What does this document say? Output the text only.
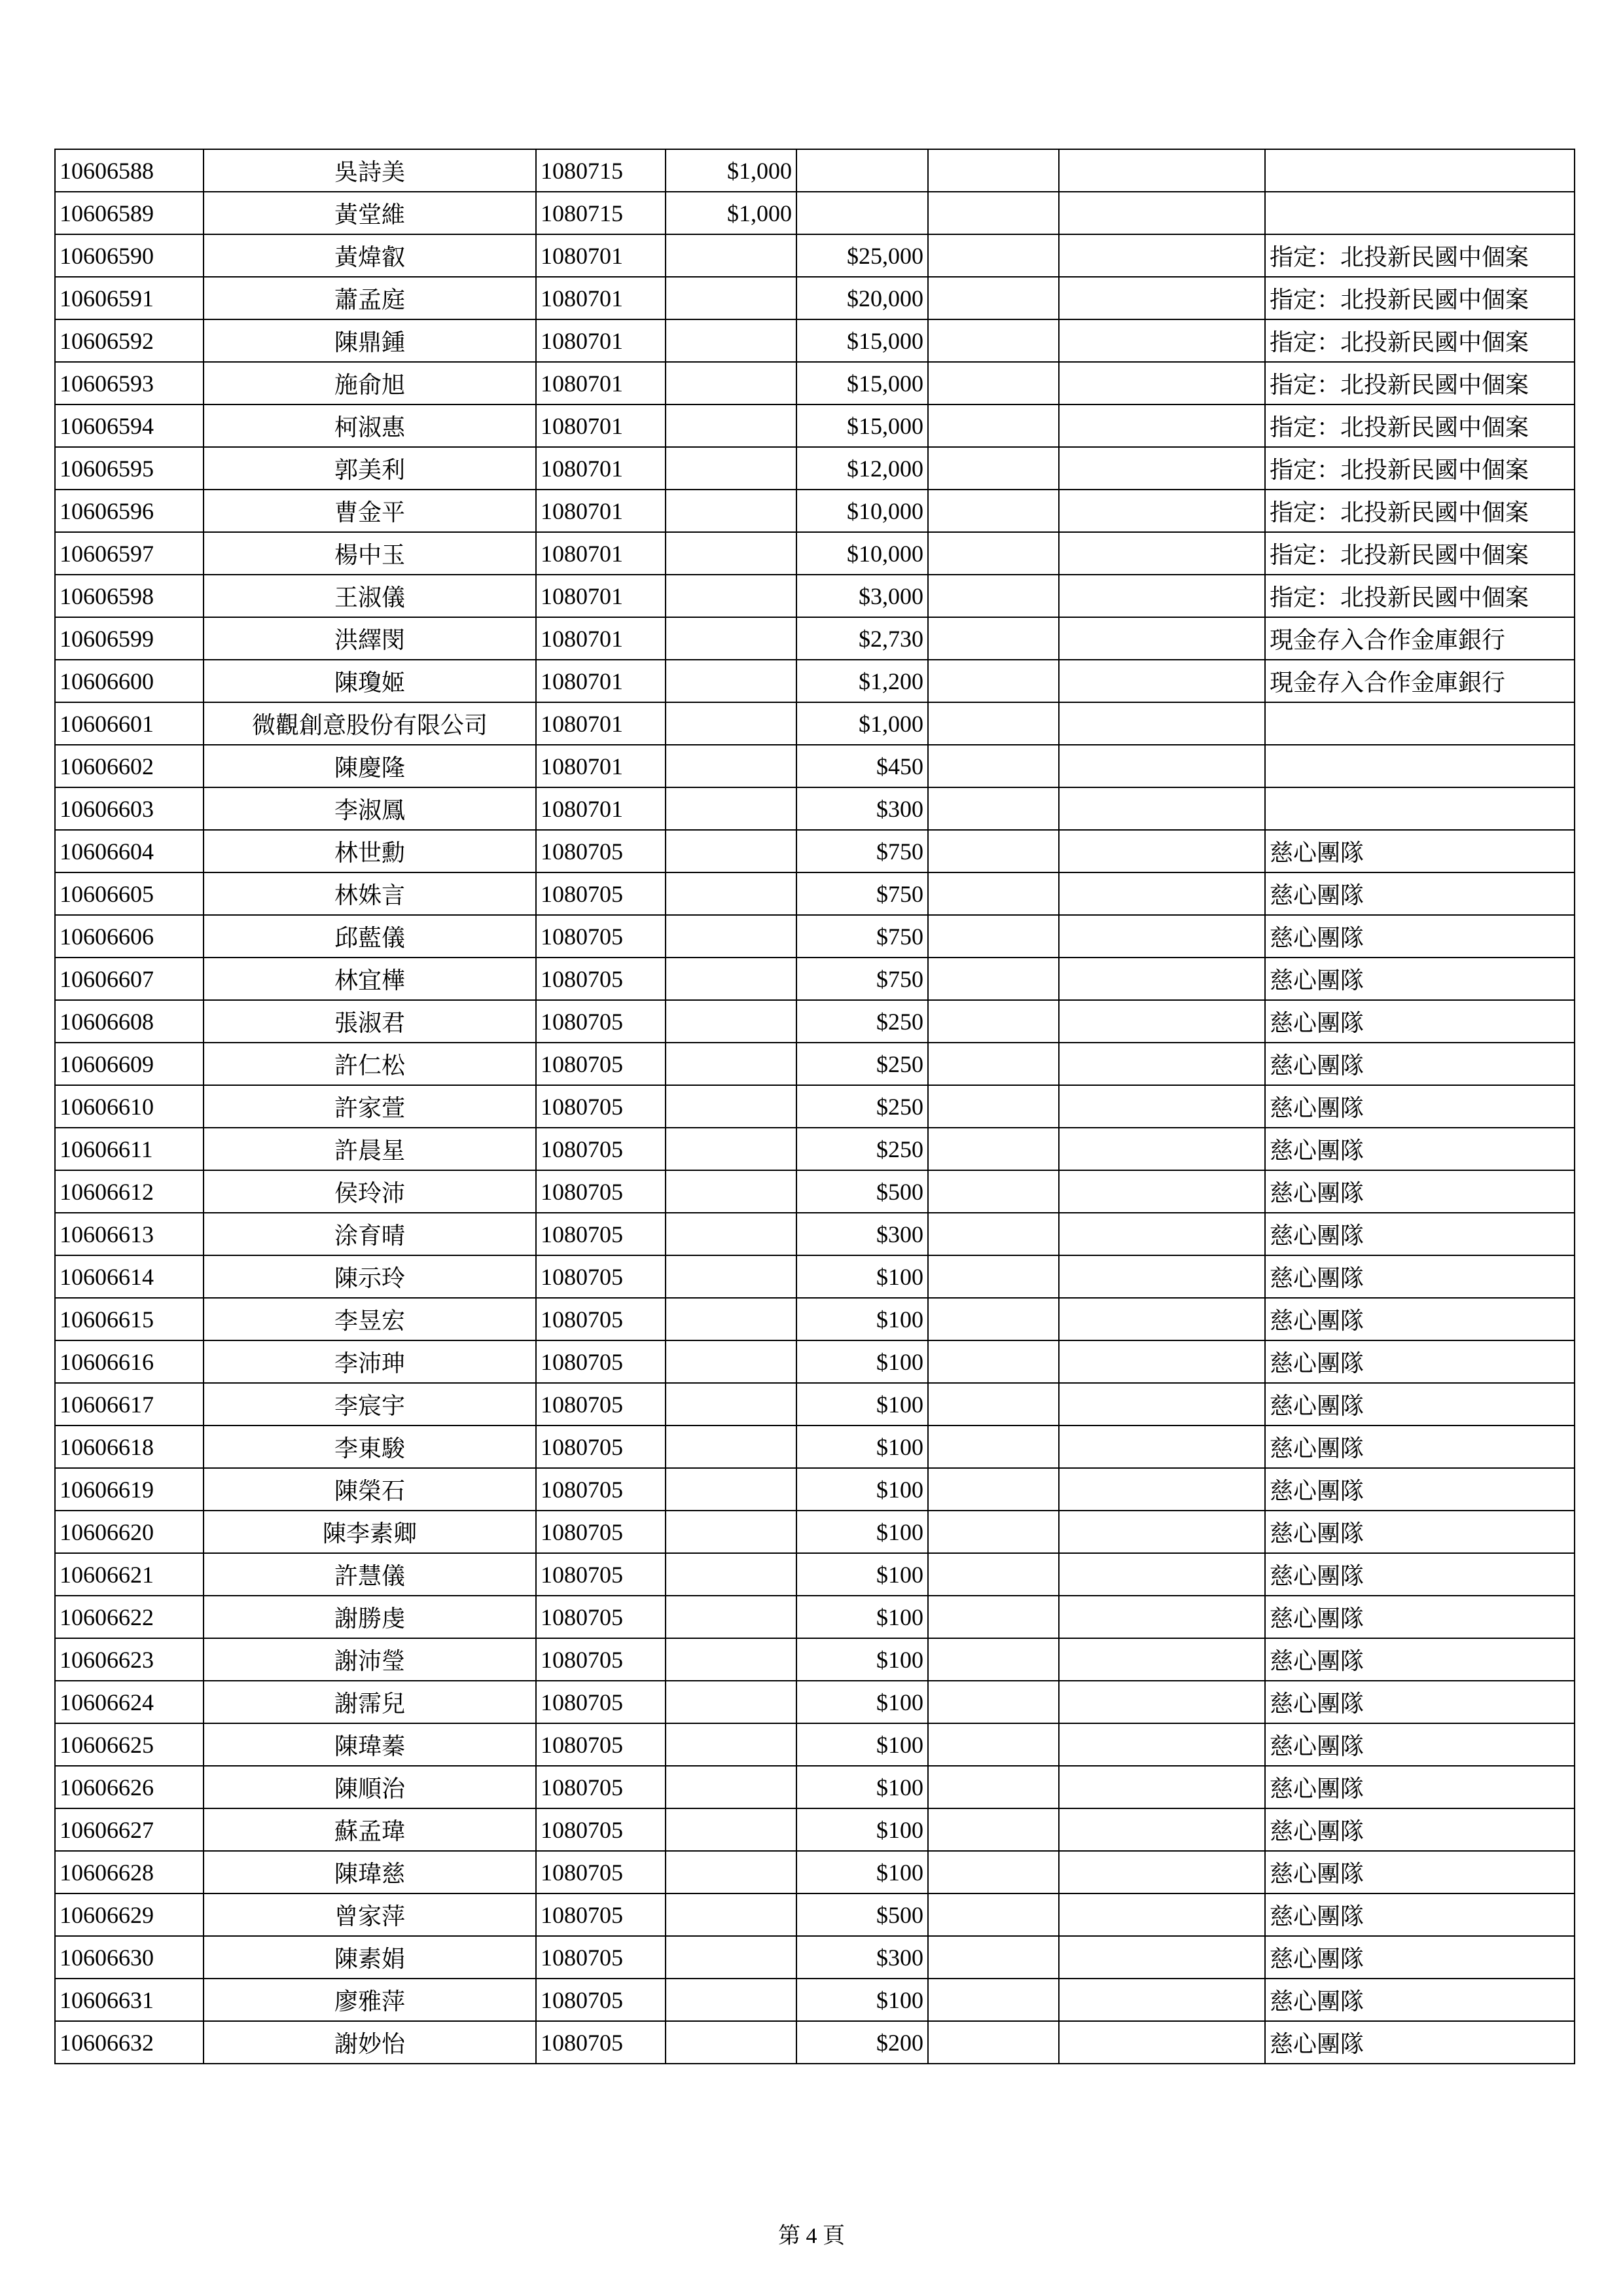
10606588	吳詩美	1080715	$1,000				
10606589	黃堂維	1080715	$1,000				
10606590	黃煒叡	1080701		$25,000			指定：北投新民國中個案
10606591	蕭孟庭	1080701		$20,000			指定：北投新民國中個案
10606592	陳鼎鍾	1080701		$15,000			指定：北投新民國中個案
10606593	施俞旭	1080701		$15,000			指定：北投新民國中個案
10606594	柯淑惠	1080701		$15,000			指定：北投新民國中個案
10606595	郭美利	1080701		$12,000			指定：北投新民國中個案
10606596	曹金平	1080701		$10,000			指定：北投新民國中個案
10606597	楊中玉	1080701		$10,000			指定：北投新民國中個案
10606598	王淑儀	1080701		$3,000			指定：北投新民國中個案
10606599	洪繹閔	1080701		$2,730			現金存入合作金庫銀行
10606600	陳瓊姬	1080701		$1,200			現金存入合作金庫銀行
10606601	微觀創意股份有限公司	1080701		$1,000			
10606602	陳慶隆	1080701		$450			
10606603	李淑鳳	1080701		$300			
10606604	林世勳	1080705		$750			慈心團隊
10606605	林姝言	1080705		$750			慈心團隊
10606606	邱藍儀	1080705		$750			慈心團隊
10606607	林宜樺	1080705		$750			慈心團隊
10606608	張淑君	1080705		$250			慈心團隊
10606609	許仁松	1080705		$250			慈心團隊
10606610	許家萱	1080705		$250			慈心團隊
10606611	許晨星	1080705		$250			慈心團隊
10606612	侯玲沛	1080705		$500			慈心團隊
10606613	涂育晴	1080705		$300			慈心團隊
10606614	陳示玲	1080705		$100			慈心團隊
10606615	李昱宏	1080705		$100			慈心團隊
10606616	李沛珅	1080705		$100			慈心團隊
10606617	李宸宇	1080705		$100			慈心團隊
10606618	李東駿	1080705		$100			慈心團隊
10606619	陳榮石	1080705		$100			慈心團隊
10606620	陳李素卿	1080705		$100			慈心團隊
10606621	許慧儀	1080705		$100			慈心團隊
10606622	謝勝虔	1080705		$100			慈心團隊
10606623	謝沛瑩	1080705		$100			慈心團隊
10606624	謝霈兒	1080705		$100			慈心團隊
10606625	陳瑋蓁	1080705		$100			慈心團隊
10606626	陳順治	1080705		$100			慈心團隊
10606627	蘇孟瑋	1080705		$100			慈心團隊
10606628	陳瑋慈	1080705		$100			慈心團隊
10606629	曾家萍	1080705		$500			慈心團隊
10606630	陳素娟	1080705		$300			慈心團隊
10606631	廖雅萍	1080705		$100			慈心團隊
10606632	謝妙怡	1080705		$200			慈心團隊
第 4 頁
